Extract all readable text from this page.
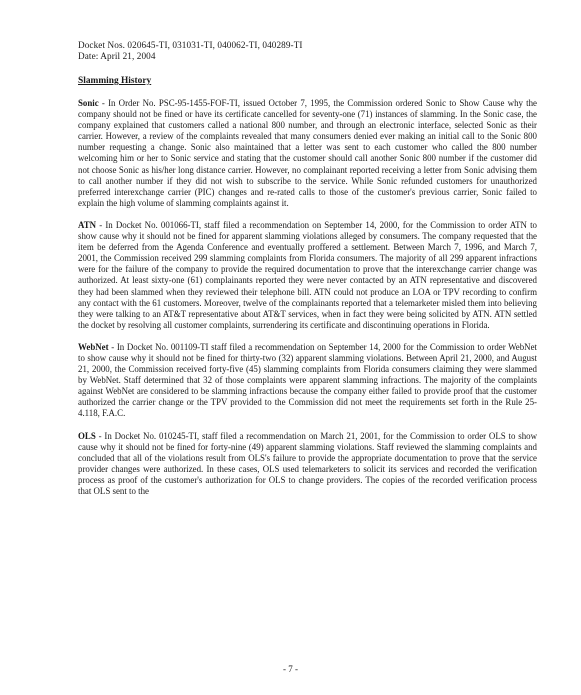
Docket Nos. 020645-TI, 031031-TI, 040062-TI, 040289-TI
Date: April 21, 2004
Slamming History

Sonic - In Order No. PSC-95-1455-FOF-TI, issued October 7, 1995, the Commission ordered Sonic to Show Cause why the company should not be fined or have its certificate cancelled for seventy-one (71) instances of slamming. In the Sonic case, the company explained that customers called a national 800 number, and through an electronic interface, selected Sonic as their carrier. However, a review of the complaints revealed that many consumers denied ever making an initial call to the Sonic 800 number requesting a change. Sonic also maintained that a letter was sent to each customer who called the 800 number welcoming him or her to Sonic service and stating that the customer should call another Sonic 800 number if the customer did not choose Sonic as his/her long distance carrier. However, no complainant reported receiving a letter from Sonic advising them to call another number if they did not wish to subscribe to the service. While Sonic refunded customers for unauthorized preferred interexchange carrier (PIC) changes and re-rated calls to those of the customer's previous carrier, Sonic failed to explain the high volume of slamming complaints against it.

ATN - In Docket No. 001066-TI, staff filed a recommendation on September 14, 2000, for the Commission to order ATN to show cause why it should not be fined for apparent slamming violations alleged by consumers. The company requested that the item be deferred from the Agenda Conference and eventually proffered a settlement. Between March 7, 1996, and March 7, 2001, the Commission received 299 slamming complaints from Florida consumers. The majority of all 299 apparent infractions were for the failure of the company to provide the required documentation to prove that the interexchange carrier change was authorized. At least sixty-one (61) complainants reported they were never contacted by an ATN representative and discovered they had been slammed when they reviewed their telephone bill. ATN could not produce an LOA or TPV recording to confirm any contact with the 61 customers. Moreover, twelve of the complainants reported that a telemarketer misled them into believing they were talking to an AT&T representative about AT&T services, when in fact they were being solicited by ATN. ATN settled the docket by resolving all customer complaints, surrendering its certificate and discontinuing operations in Florida.

WebNet - In Docket No. 001109-TI staff filed a recommendation on September 14, 2000 for the Commission to order WebNet to show cause why it should not be fined for thirty-two (32) apparent slamming violations. Between April 21, 2000, and August 21, 2000, the Commission received forty-five (45) slamming complaints from Florida consumers claiming they were slammed by WebNet. Staff determined that 32 of those complaints were apparent slamming infractions. The majority of the complaints against WebNet are considered to be slamming infractions because the company either failed to provide proof that the customer authorized the carrier change or the TPV provided to the Commission did not meet the requirements set forth in the Rule 25-4.118, F.A.C.

OLS - In Docket No. 010245-TI, staff filed a recommendation on March 21, 2001, for the Commission to order OLS to show cause why it should not be fined for forty-nine (49) apparent slamming violations. Staff reviewed the slamming complaints and concluded that all of the violations result from OLS's failure to provide the appropriate documentation to prove that the service provider changes were authorized. In these cases, OLS used telemarketers to solicit its services and recorded the verification process as proof of the customer's authorization for OLS to change providers. The copies of the recorded verification process that OLS sent to the

- 7 -
